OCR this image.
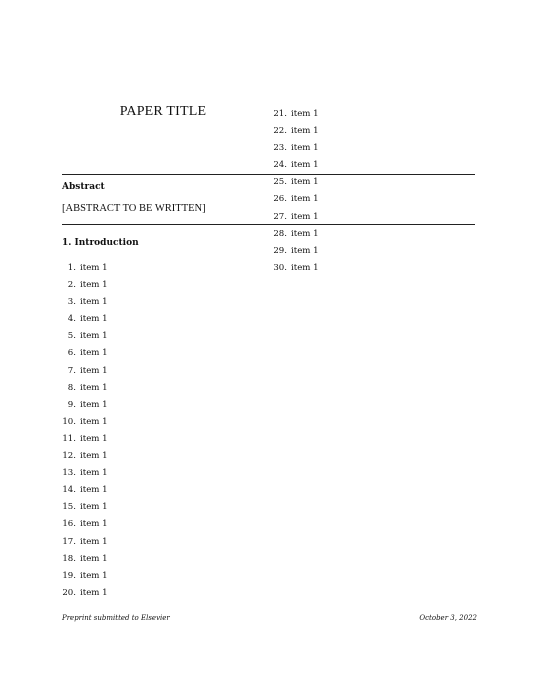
PAPER TITLE
Abstract
[ABSTRACT TO BE WRITTEN]
1. Introduction
1. item 1
2. item 1
3. item 1
4. item 1
5. item 1
6. item 1
7. item 1
8. item 1
9. item 1
10. item 1
11. item 1
12. item 1
13. item 1
14. item 1
15. item 1
16. item 1
17. item 1
18. item 1
19. item 1
20. item 1
21. item 1
22. item 1
23. item 1
24. item 1
25. item 1
26. item 1
27. item 1
28. item 1
29. item 1
30. item 1
Preprint submitted to Elsevier	October 3, 2022
